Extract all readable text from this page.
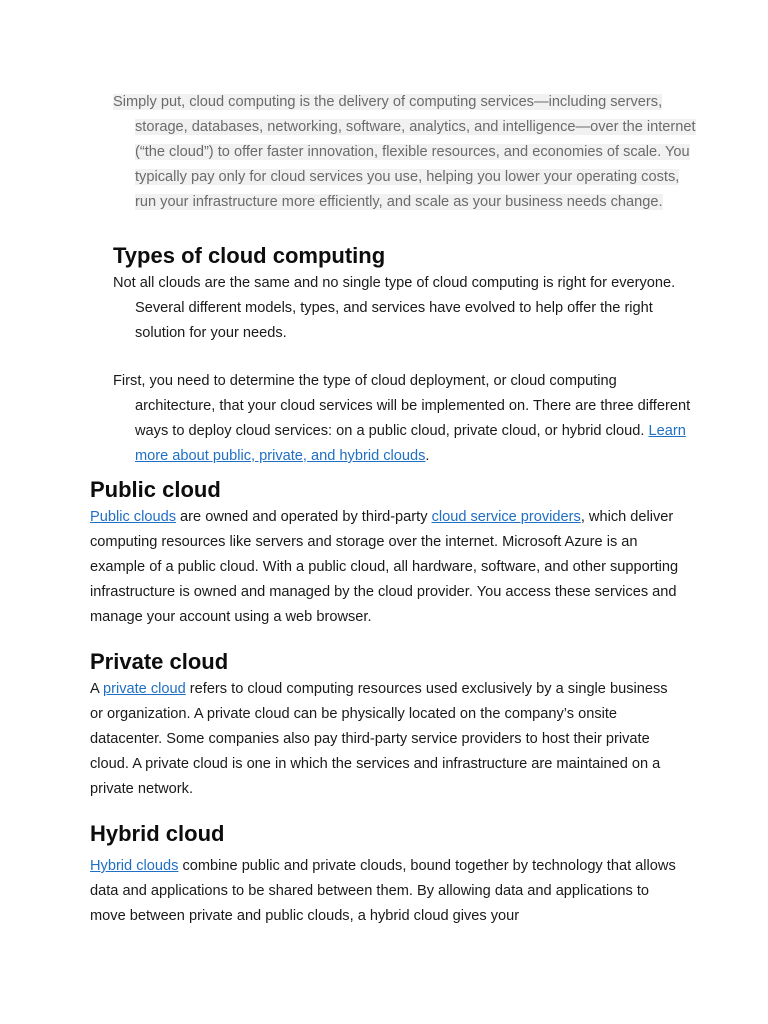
Simply put, cloud computing is the delivery of computing services—including servers, storage, databases, networking, software, analytics, and intelligence—over the internet (“the cloud”) to offer faster innovation, flexible resources, and economies of scale. You typically pay only for cloud services you use, helping you lower your operating costs, run your infrastructure more efficiently, and scale as your business needs change.

Types of cloud computing

Not all clouds are the same and no single type of cloud computing is right for everyone. Several different models, types, and services have evolved to help offer the right solution for your needs.

First, you need to determine the type of cloud deployment, or cloud computing architecture, that your cloud services will be implemented on. There are three different ways to deploy cloud services: on a public cloud, private cloud, or hybrid cloud. Learn more about public, private, and hybrid clouds.

Public cloud

Public clouds are owned and operated by third-party cloud service providers, which deliver computing resources like servers and storage over the internet. Microsoft Azure is an example of a public cloud. With a public cloud, all hardware, software, and other supporting infrastructure is owned and managed by the cloud provider. You access these services and manage your account using a web browser.

Private cloud

A private cloud refers to cloud computing resources used exclusively by a single business or organization. A private cloud can be physically located on the company’s onsite datacenter. Some companies also pay third-party service providers to host their private cloud. A private cloud is one in which the services and infrastructure are maintained on a private network.

Hybrid cloud

Hybrid clouds combine public and private clouds, bound together by technology that allows data and applications to be shared between them. By allowing data and applications to move between private and public clouds, a hybrid cloud gives your
